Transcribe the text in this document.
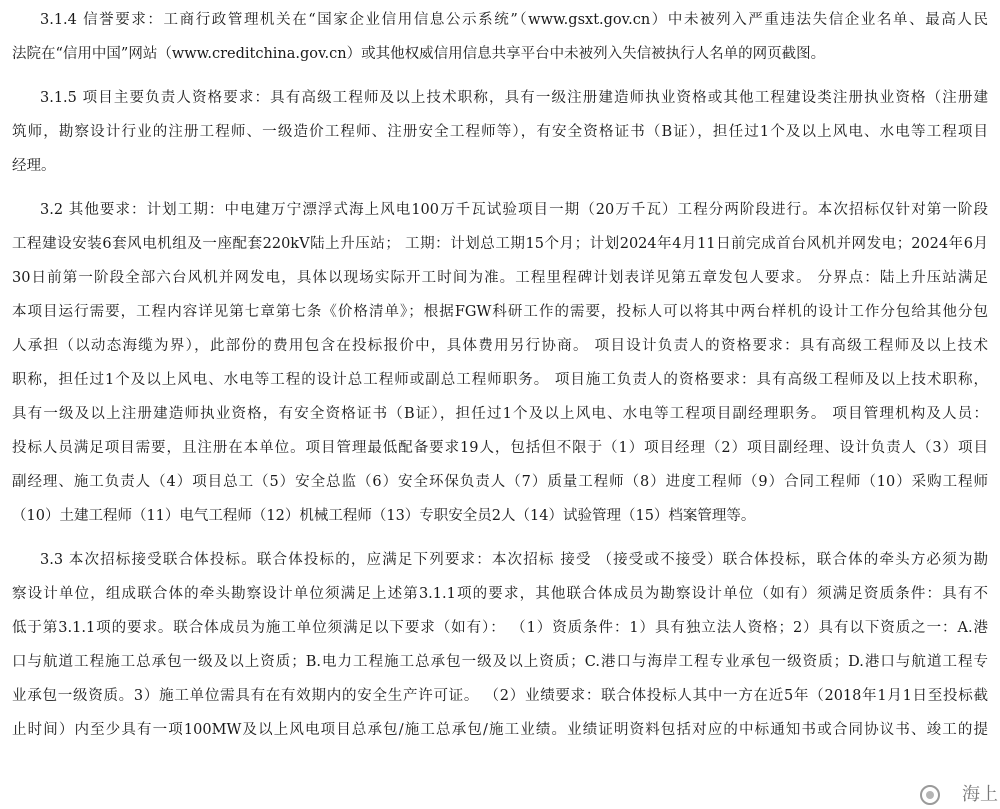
3.1.4 信誉要求：工商行政管理机关在“国家企业信用信息公示系统”（www.gsxt.gov.cn）中未被列入严重违法失信企业名单、最高人民
法院在“信用中国”网站（www.creditchina.gov.cn）或其他权威信用信息共享平台中未被列入失信被执行人名单的网页截图。
3.1.5 项目主要负责人资格要求：具有高级工程师及以上技术职称，具有一级注册建造师执业资格或其他工程建设类注册执业资格（注册建
筑师，勘察设计行业的注册工程师、一级造价工程师、注册安全工程师等），有安全资格证书（B证），担任过1个及以上风电、水电等工程项目
经理。
3.2 其他要求：计划工期：中电建万宁漂浮式海上风电100万千瓦试验项目一期（20万千瓦）工程分两阶段进行。本次招标仅针对第一阶段
工程建设安装6套风电机组及一座配套220kV陆上升压站； 工期：计划总工期15个月；计划2024年4月11日前完成首台风机并网发电；2024年6月
30日前第一阶段全部六台风机并网发电，具体以现场实际开工时间为准。工程里程碑计划表详见第五章发包人要求。 分界点：陆上升压站满足
本项目运行需要，工程内容详见第七章第七条《价格清单》；根据FGW科研工作的需要，投标人可以将其中两台样机的设计工作分包给其他分包
人承担（以动态海缆为界），此部份的费用包含在投标报价中，具体费用另行协商。 项目设计负责人的资格要求：具有高级工程师及以上技术
职称，担任过1个及以上风电、水电等工程的设计总工程师或副总工程师职务。 项目施工负责人的资格要求：具有高级工程师及以上技术职称，
具有一级及以上注册建造师执业资格，有安全资格证书（B证），担任过1个及以上风电、水电等工程项目副经理职务。 项目管理机构及人员：
投标人员满足项目需要，且注册在本单位。项目管理最低配备要求19人，包括但不限于（1）项目经理（2）项目副经理、设计负责人（3）项目
副经理、施工负责人（4）项目总工（5）安全总监（6）安全环保负责人（7）质量工程师（8）进度工程师（9）合同工程师（10）采购工程师
（10）土建工程师（11）电气工程师（12）机械工程师（13）专职安全员2人（14）试验管理（15）档案管理等。
3.3 本次招标接受联合体投标。联合体投标的，应满足下列要求：本次招标 接受 （接受或不接受）联合体投标，联合体的牵头方必须为勘
察设计单位，组成联合体的牵头勘察设计单位须满足上述第3.1.1项的要求，其他联合体成员为勘察设计单位（如有）须满足资质条件：具有不
低于第3.1.1项的要求。联合体成员为施工单位须满足以下要求（如有）： （1）资质条件：1）具有独立法人资格；2）具有以下资质之一：A.港
口与航道工程施工总承包一级及以上资质；B.电力工程施工总承包一级及以上资质；C.港口与海岸工程专业承包一级资质；D.港口与航道工程专
业承包一级资质。3）施工单位需具有在有效期内的安全生产许可证。 （2）业绩要求：联合体投标人其中一方在近5年（2018年1月1日至投标截
止时间）内至少具有一项100MW及以上风电项目总承包/施工总承包/施工业绩。业绩证明资料包括对应的中标通知书或合同协议书、竣工的提
海上
